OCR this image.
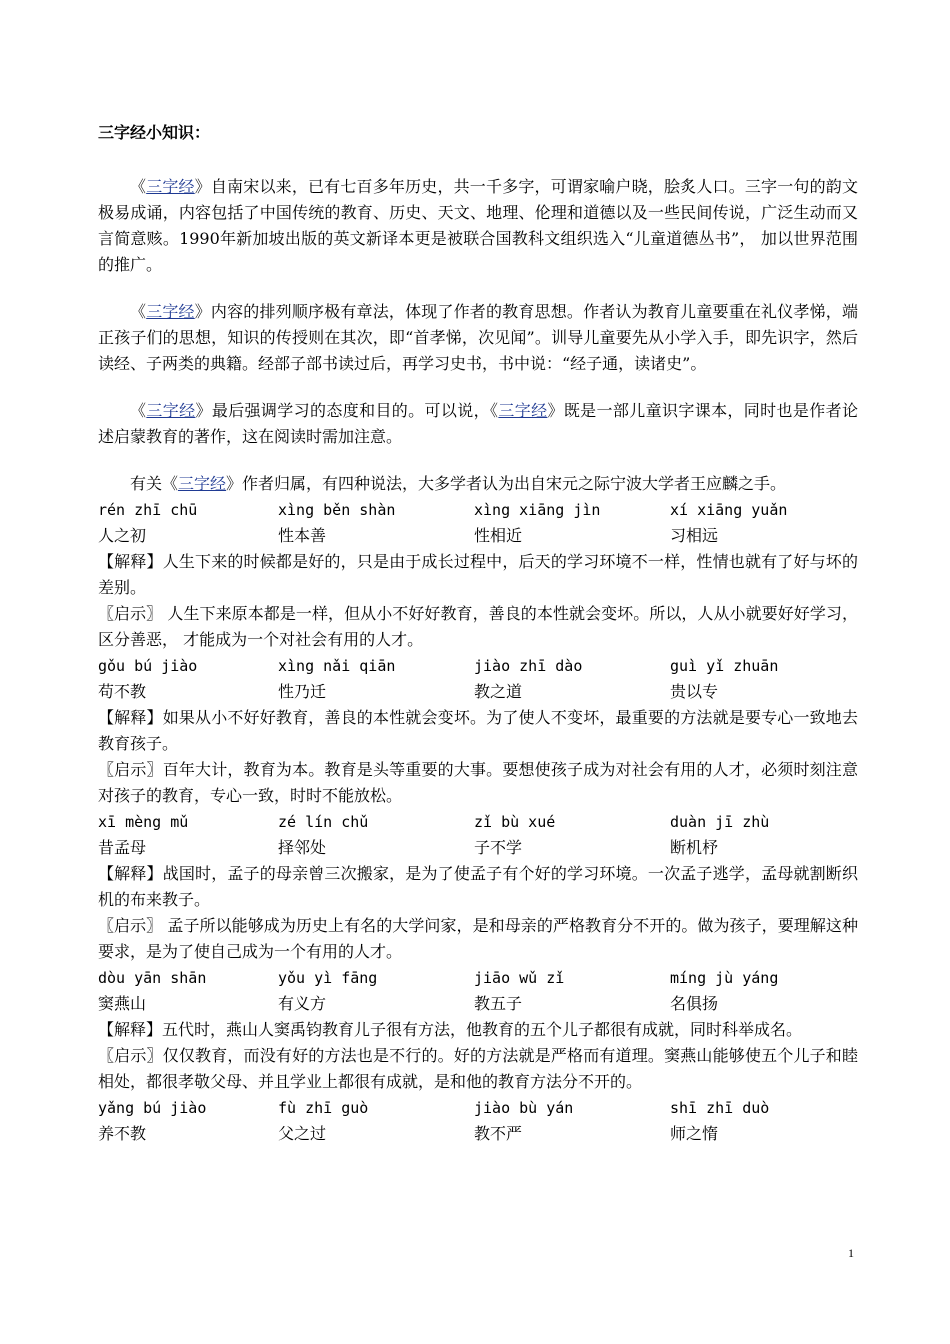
三字经小知识：

《三字经》自南宋以来，已有七百多年历史，共一千多字，可谓家喻户晓，脍炙人口。三字一句的韵文极易成诵，内容包括了中国传统的教育、历史、天文、地理、伦理和道德以及一些民间传说，广泛生动而又言简意赅。1990年新加坡出版的英文新译本更是被联合国教科文组织选入“儿童道德丛书”， 加以世界范围的推广。

《三字经》内容的排列顺序极有章法，体现了作者的教育思想。作者认为教育儿童要重在礼仪孝悌，端正孩子们的思想，知识的传授则在其次，即“首孝悌，次见闻”。训导儿童要先从小学入手，即先识字，然后读经、子两类的典籍。经部子部书读过后，再学习史书，书中说：“经子通，读诸史”。

《三字经》最后强调学习的态度和目的。可以说，《三字经》既是一部儿童识字课本，同时也是作者论述启蒙教育的著作，这在阅读时需加注意。

有关《三字经》作者归属，有四种说法，大多学者认为出自宋元之际宁波大学者王应麟之手。

rén zhī chū	xìng běn shàn	xìng xiāng jìn	xí xiāng yuǎn
人之初	性本善	性相近	习相远

【解释】人生下来的时候都是好的，只是由于成长过程中，后天的学习环境不一样，性情也就有了好与坏的差别。

〖启示〗 人生下来原本都是一样，但从小不好好教育，善良的本性就会变坏。所以，人从小就要好好学习， 区分善恶， 才能成为一个对社会有用的人才。

gǒu bú jiào	xìng nǎi qiān	jiào zhī dào	guì yǐ zhuān
苟不教	性乃迁	教之道	贵以专

【解释】如果从小不好好教育，善良的本性就会变坏。为了使人不变坏，最重要的方法就是要专心一致地去教育孩子。

〖启示〗百年大计，教育为本。教育是头等重要的大事。要想使孩子成为对社会有用的人才，必须时刻注意对孩子的教育，专心一致，时时不能放松。

xī mèng mǔ	zé lín chǔ	zǐ bù xué	duàn jī zhù
昔孟母	择邻处	子不学	断机杼

【解释】战国时，孟子的母亲曾三次搬家，是为了使孟子有个好的学习环境。一次孟子逃学，孟母就割断织机的布来教子。

〖启示〗 孟子所以能够成为历史上有名的大学问家，是和母亲的严格教育分不开的。做为孩子，要理解这种要求，是为了使自己成为一个有用的人才。

dòu yān shān	yǒu yì fāng	jiāo wǔ zǐ	míng jù yáng
窦燕山	有义方	教五子	名俱扬

【解释】五代时，燕山人窦禹钧教育儿子很有方法，他教育的五个儿子都很有成就，同时科举成名。

〖启示〗仅仅教育，而没有好的方法也是不行的。好的方法就是严格而有道理。窦燕山能够使五个儿子和睦相处，都很孝敬父母、并且学业上都很有成就，是和他的教育方法分不开的。

yǎng bú jiào	fù zhī guò	jiào bù yán	shī zhī duò
养不教	父之过	教不严	师之惰
1
